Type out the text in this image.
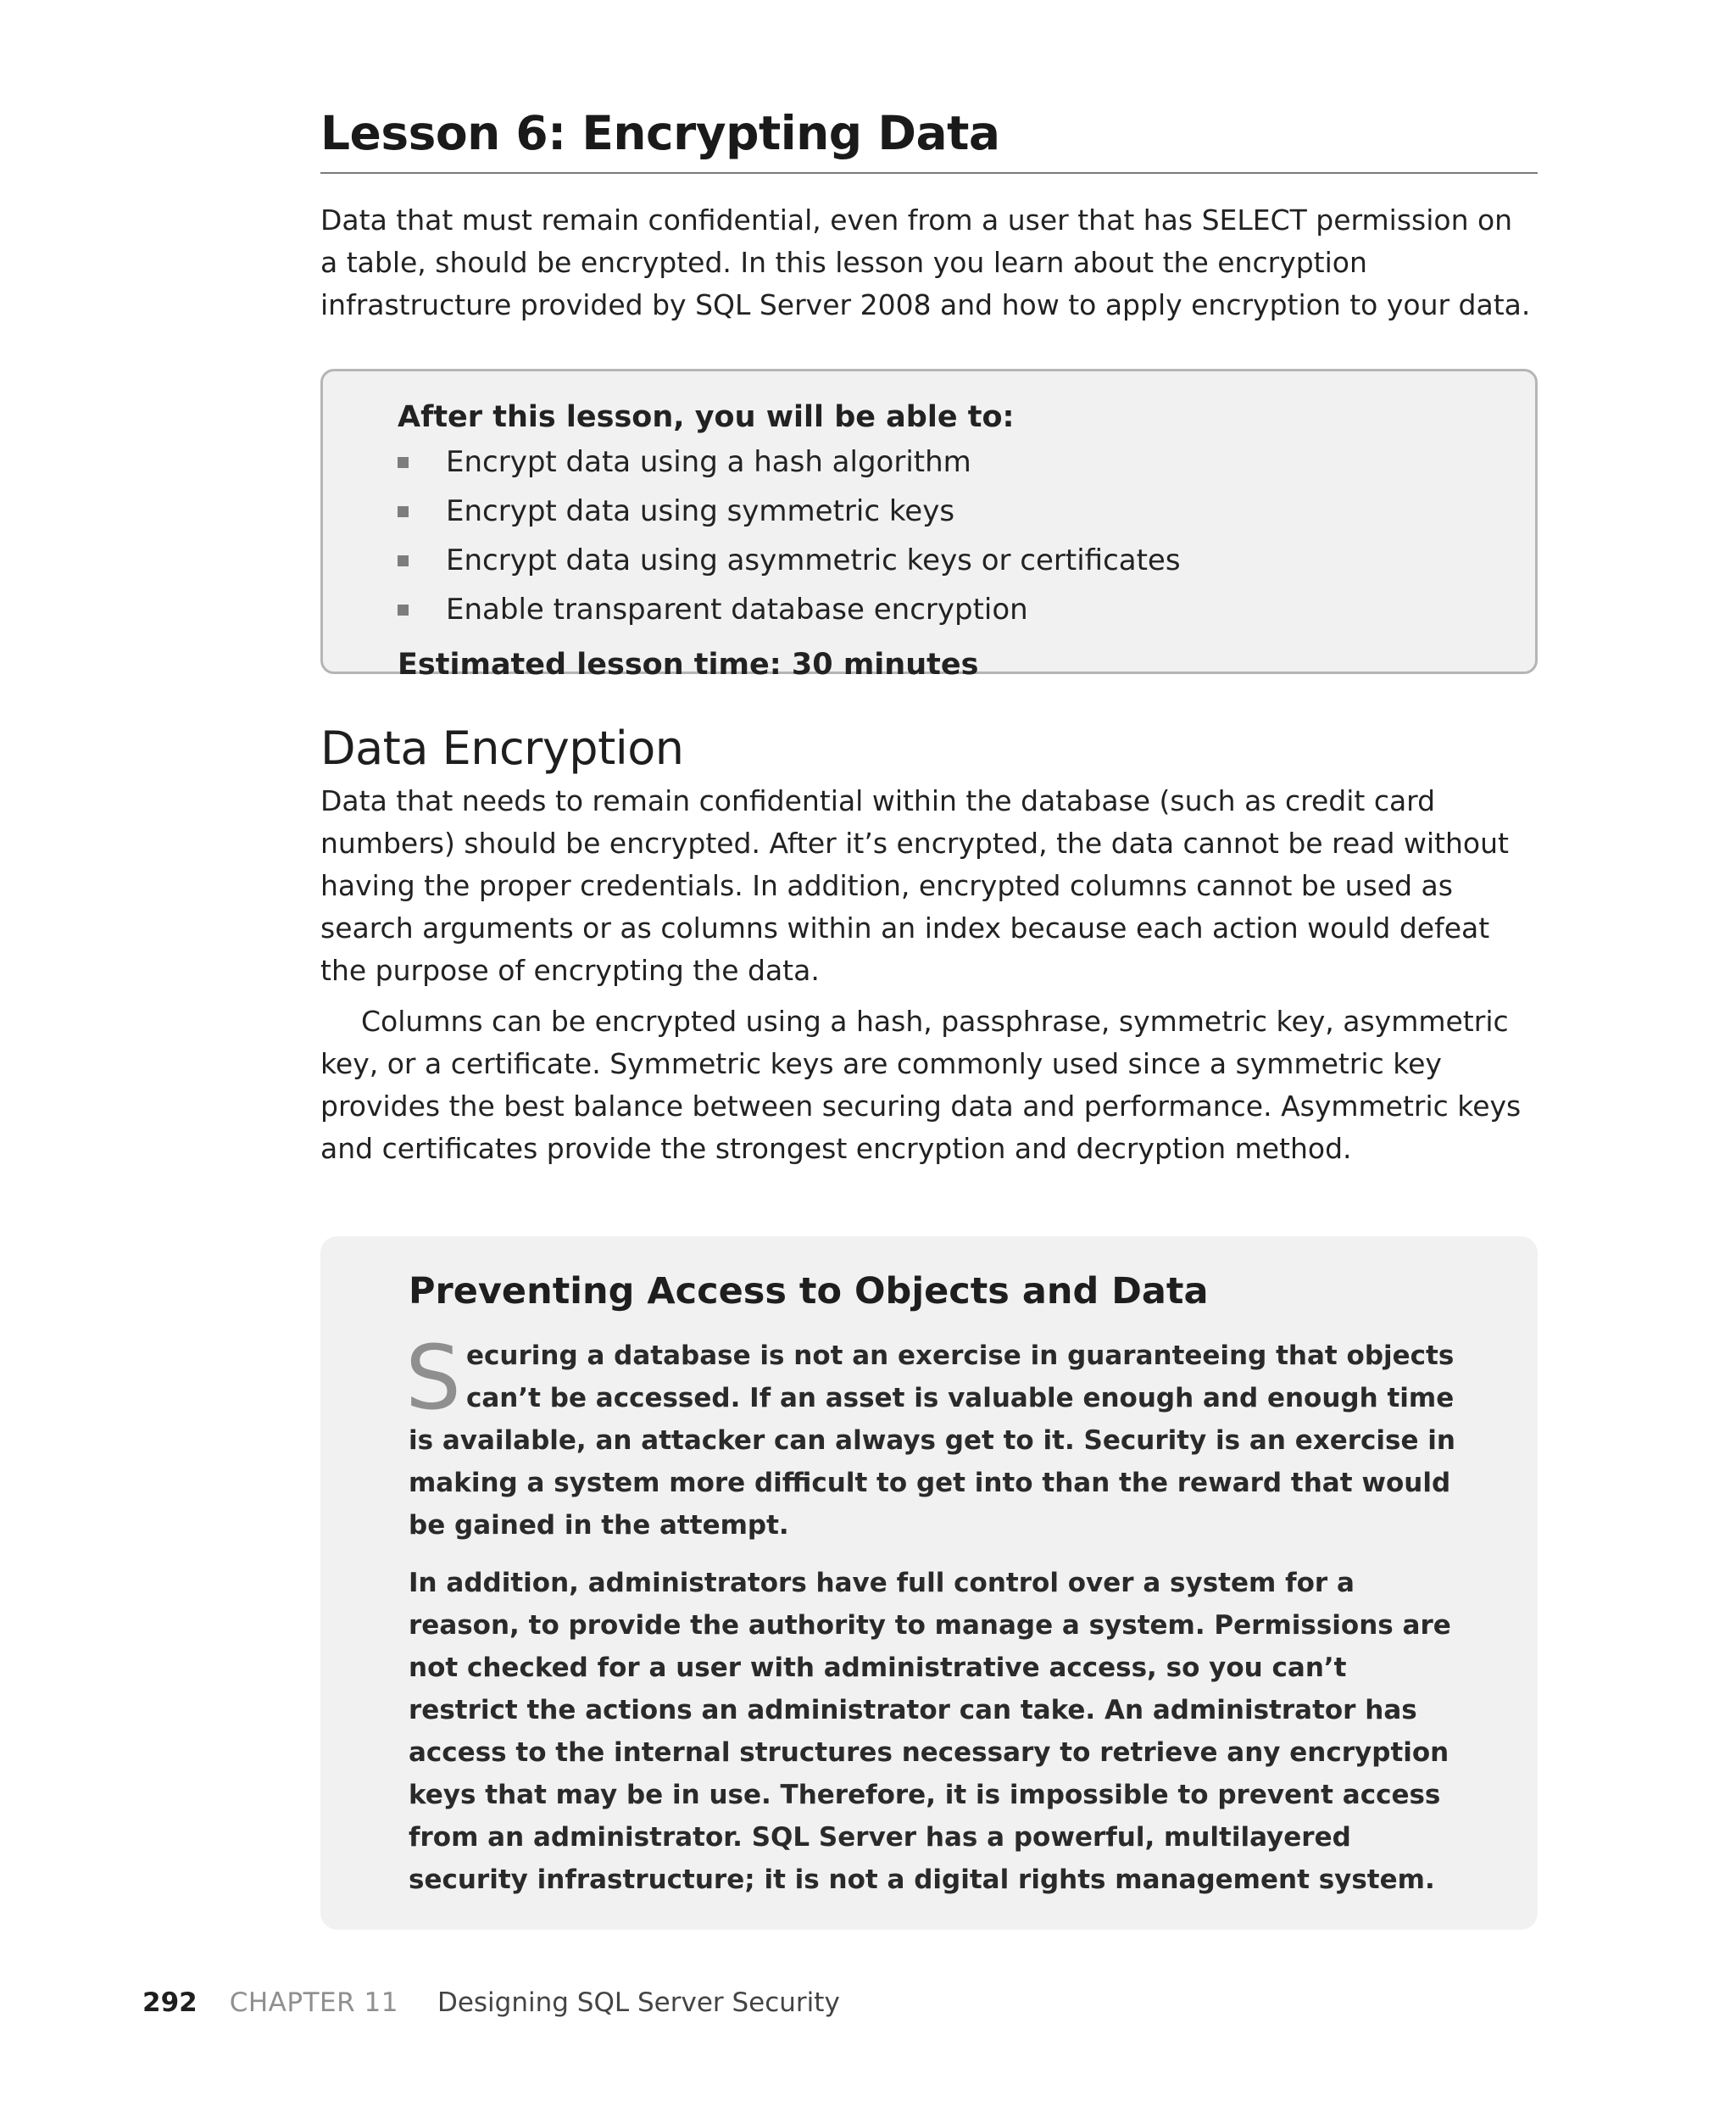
Lesson 6: Encrypting Data

Data that must remain confidential, even from a user that has SELECT permission on a table, should be encrypted. In this lesson you learn about the encryption infrastructure provided by SQL Server 2008 and how to apply encryption to your data.

After this lesson, you will be able to:
Encrypt data using a hash algorithm
Encrypt data using symmetric keys
Encrypt data using asymmetric keys or certificates
Enable transparent database encryption
Estimated lesson time: 30 minutes
Data Encryption

Data that needs to remain confidential within the database (such as credit card numbers) should be encrypted. After it’s encrypted, the data cannot be read without having the proper credentials. In addition, encrypted columns cannot be used as search arguments or as columns within an index because each action would defeat the purpose of encrypting the data.

Columns can be encrypted using a hash, passphrase, symmetric key, asymmetric key, or a certificate. Symmetric keys are commonly used since a symmetric key provides the best balance between securing data and performance. Asymmetric keys and certificates provide the strongest encryption and decryption method.

Preventing Access to Objects and Data

Securing a database is not an exercise in guaranteeing that objects can’t be accessed. If an asset is valuable enough and enough time is available, an attacker can always get to it. Security is an exercise in making a system more difficult to get into than the reward that would be gained in the attempt.

In addition, administrators have full control over a system for a reason, to provide the authority to manage a system. Permissions are not checked for a user with administrative access, so you can’t restrict the actions an administrator can take. An administrator has access to the internal structures necessary to retrieve any encryption keys that may be in use. Therefore, it is impossible to prevent access from an administrator. SQL Server has a powerful, multilayered security infrastructure; it is not a digital rights management system.

292 CHAPTER 11 Designing SQL Server Security
